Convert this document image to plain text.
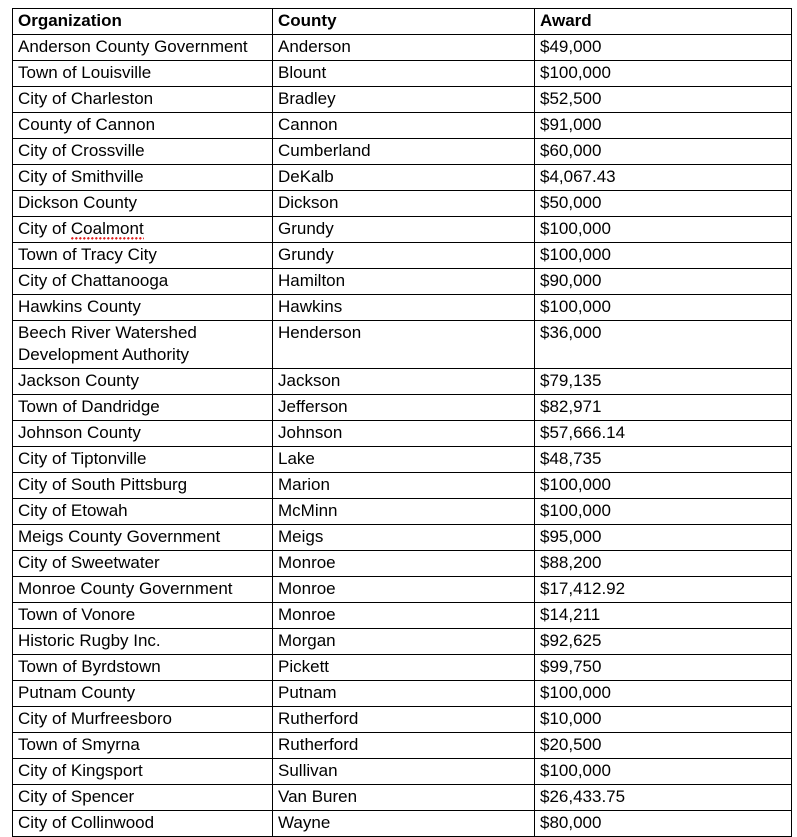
Organization	County	Award
Anderson County Government	Anderson	$49,000
Town of Louisville	Blount	$100,000
City of Charleston	Bradley	$52,500
County of Cannon	Cannon	$91,000
City of Crossville	Cumberland	$60,000
City of Smithville	DeKalb	$4,067.43
Dickson County	Dickson	$50,000
City of Coalmont	Grundy	$100,000
Town of Tracy City	Grundy	$100,000
City of Chattanooga	Hamilton	$90,000
Hawkins County	Hawkins	$100,000
Beech River Watershed Development Authority	Henderson	$36,000
Jackson County	Jackson	$79,135
Town of Dandridge	Jefferson	$82,971
Johnson County	Johnson	$57,666.14
City of Tiptonville	Lake	$48,735
City of South Pittsburg	Marion	$100,000
City of Etowah	McMinn	$100,000
Meigs County Government	Meigs	$95,000
City of Sweetwater	Monroe	$88,200
Monroe County Government	Monroe	$17,412.92
Town of Vonore	Monroe	$14,211
Historic Rugby Inc.	Morgan	$92,625
Town of Byrdstown	Pickett	$99,750
Putnam County	Putnam	$100,000
City of Murfreesboro	Rutherford	$10,000
Town of Smyrna	Rutherford	$20,500
City of Kingsport	Sullivan	$100,000
City of Spencer	Van Buren	$26,433.75
City of Collinwood	Wayne	$80,000
